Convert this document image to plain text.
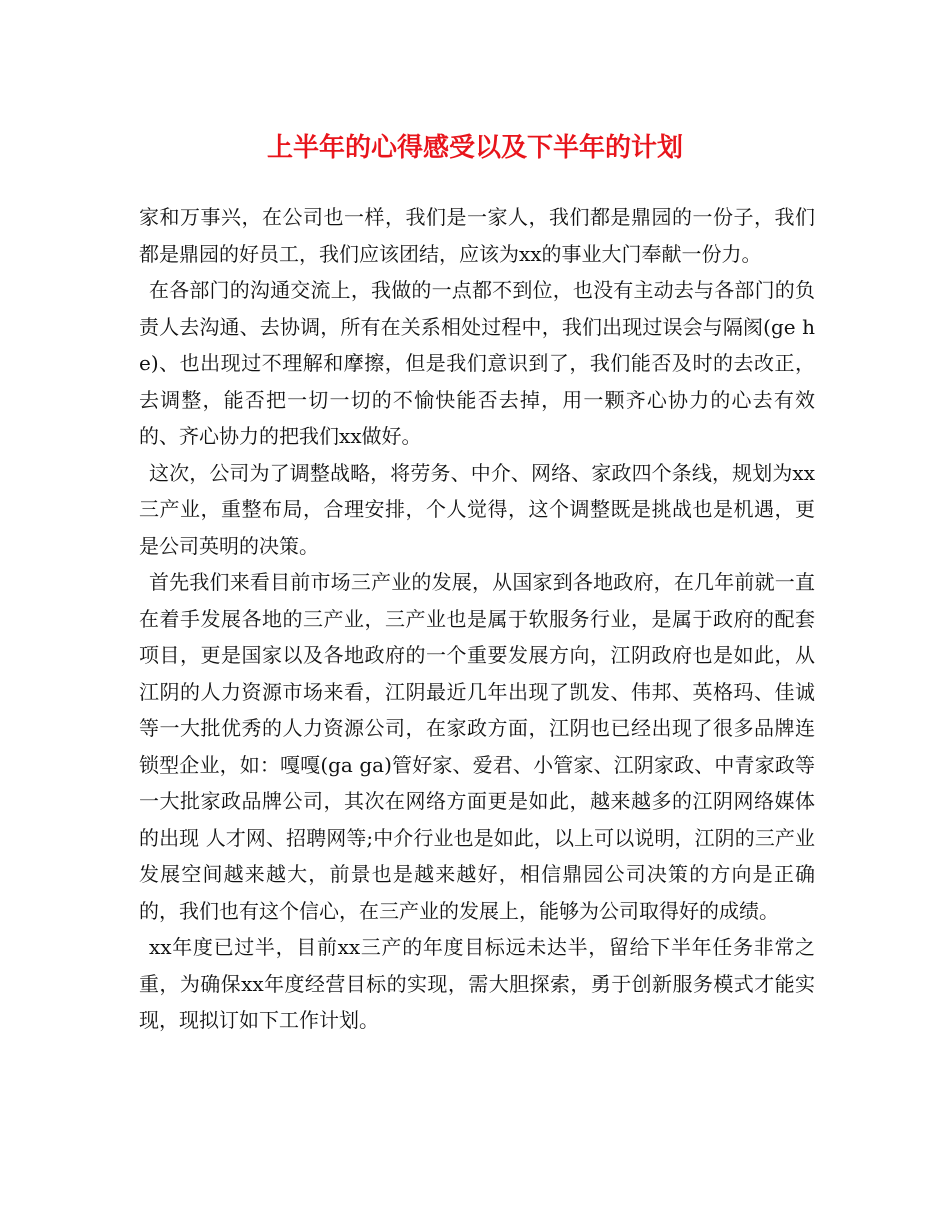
上半年的心得感受以及下半年的计划

家和万事兴，在公司也一样，我们是一家人，我们都是鼎园的一份子，我们都是鼎园的好员工，我们应该团结，应该为xx的事业大门奉献一份力。

在各部门的沟通交流上，我做的一点都不到位，也没有主动去与各部门的负责人去沟通、去协调，所有在关系相处过程中，我们出现过误会与隔阂(ge he)、也出现过不理解和摩擦，但是我们意识到了，我们能否及时的去改正，去调整，能否把一切一切的不愉快能否去掉，用一颗齐心协力的心去有效的、齐心协力的把我们xx做好。

这次，公司为了调整战略，将劳务、中介、网络、家政四个条线，规划为xx三产业，重整布局，合理安排，个人觉得，这个调整既是挑战也是机遇，更是公司英明的决策。

首先我们来看目前市场三产业的发展，从国家到各地政府，在几年前就一直在着手发展各地的三产业，三产业也是属于软服务行业，是属于政府的配套项目，更是国家以及各地政府的一个重要发展方向，江阴政府也是如此，从江阴的人力资源市场来看，江阴最近几年出现了凯发、伟邦、英格玛、佳诚等一大批优秀的人力资源公司，在家政方面，江阴也已经出现了很多品牌连锁型企业，如：嘎嘎(ga ga)管好家、爱君、小管家、江阴家政、中青家政等一大批家政品牌公司，其次在网络方面更是如此，越来越多的江阴网络媒体的出现 人才网、招聘网等;中介行业也是如此，以上可以说明，江阴的三产业发展空间越来越大，前景也是越来越好，相信鼎园公司决策的方向是正确的，我们也有这个信心，在三产业的发展上，能够为公司取得好的成绩。

xx年度已过半，目前xx三产的年度目标远未达半，留给下半年任务非常之重，为确保xx年度经营目标的实现，需大胆探索，勇于创新服务模式才能实现，现拟订如下工作计划。
